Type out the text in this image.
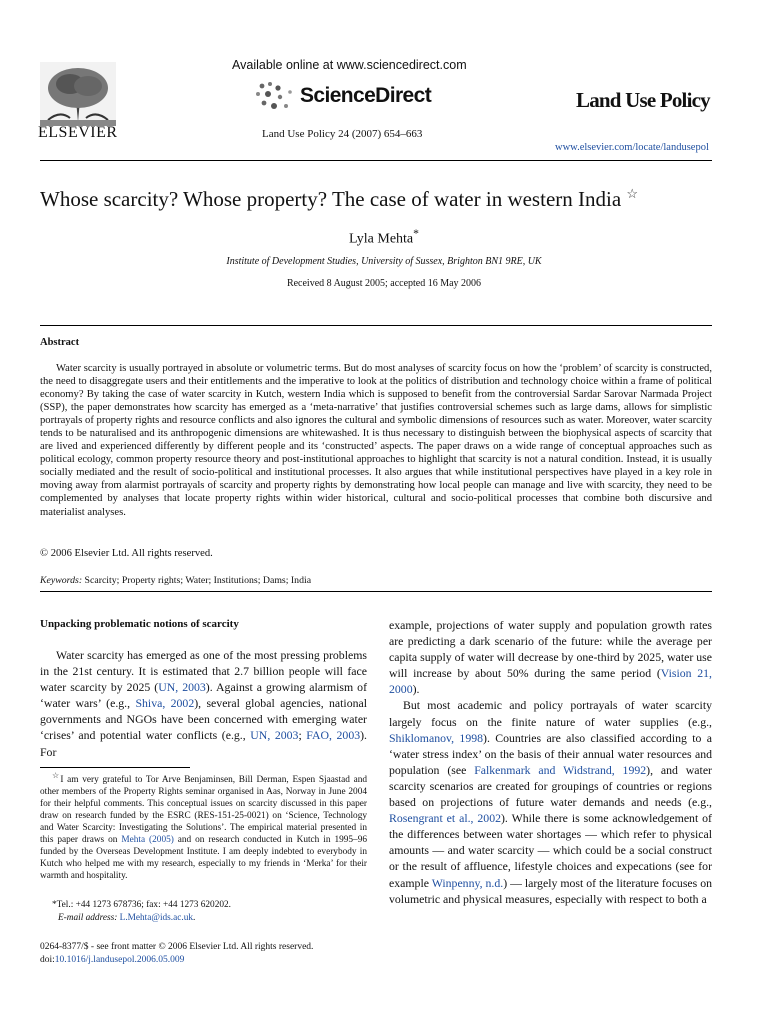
ELSEVIER
Available online at www.sciencedirect.com
ScienceDirect
Land Use Policy 24 (2007) 654–663
Land Use Policy
www.elsevier.com/locate/landusepol
Whose scarcity? Whose property? The case of water in western India ☆
Lyla Mehta*
Institute of Development Studies, University of Sussex, Brighton BN1 9RE, UK
Received 8 August 2005; accepted 16 May 2006
Abstract
Water scarcity is usually portrayed in absolute or volumetric terms. But do most analyses of scarcity focus on how the ‘problem’ of scarcity is constructed, the need to disaggregate users and their entitlements and the imperative to look at the politics of distribution and technology choice within a frame of political economy? By taking the case of water scarcity in Kutch, western India which is supposed to benefit from the controversial Sardar Sarovar Narmada Project (SSP), the paper demonstrates how scarcity has emerged as a ‘meta-narrative’ that justifies controversial schemes such as large dams, allows for simplistic portrayals of property rights and resource conflicts and also ignores the cultural and symbolic dimensions of resources such as water. Moreover, water scarcity tends to be naturalised and its anthropogenic dimensions are whitewashed. It is thus necessary to distinguish between the biophysical aspects of scarcity that are lived and experienced differently by different people and its ‘constructed’ aspects. The paper draws on a wide range of conceptual approaches such as political ecology, common property resource theory and post-institutional approaches to highlight that scarcity is not a natural condition. Instead, it is usually socially mediated and the result of socio-political and institutional processes. It also argues that while institutional perspectives have played in a key role in moving away from alarmist portrayals of scarcity and property rights by demonstrating how local people can manage and live with scarcity, they need to be complemented by analyses that locate property rights within wider historical, cultural and socio-political processes that combine both discursive and materialist analyses.
© 2006 Elsevier Ltd. All rights reserved.
Keywords: Scarcity; Property rights; Water; Institutions; Dams; India
Unpacking problematic notions of scarcity
Water scarcity has emerged as one of the most pressing problems in the 21st century. It is estimated that 2.7 billion people will face water scarcity by 2025 (UN, 2003). Against a growing alarmism of ‘water wars’ (e.g., Shiva, 2002), several global agencies, national governments and NGOs have been concerned with emerging water ‘crises’ and potential water conflicts (e.g., UN, 2003; FAO, 2003). For
☆I am very grateful to Tor Arve Benjaminsen, Bill Derman, Espen Sjaastad and other members of the Property Rights seminar organised in Aas, Norway in June 2004 for their helpful comments. This conceptual issues on scarcity discussed in this paper draw on research funded by the ESRC (RES-151-25-0021) on ‘Science, Technology and Water Scarcity: Investigating the Solutions’. The empirical material presented in this paper draws on Mehta (2005) and on research conducted in Kutch in 1995–96 funded by the Overseas Development Institute. I am deeply indebted to everybody in Kutch who helped me with my research, especially to my friends in ‘Merka’ for their warmth and hospitality.
*Tel.: +44 1273 678736; fax: +44 1273 620202.
E-mail address: L.Mehta@ids.ac.uk.
0264-8377/$ - see front matter © 2006 Elsevier Ltd. All rights reserved.
doi:10.1016/j.landusepol.2006.05.009
example, projections of water supply and population growth rates are predicting a dark scenario of the future: while the average per capita supply of water will decrease by one-third by 2025, water use will increase by about 50% during the same period (Vision 21, 2000).
But most academic and policy portrayals of water scarcity largely focus on the finite nature of water supplies (e.g., Shiklomanov, 1998). Countries are also classified according to a ‘water stress index’ on the basis of their annual water resources and population (see Falkenmark and Widstrand, 1992), and water scarcity scenarios are created for groupings of countries or regions based on projections of future water demands and needs (e.g., Rosengrant et al., 2002). While there is some acknowledgement of the differences between water shortages — which refer to physical amounts — and water scarcity — which could be a social construct or the result of affluence, lifestyle choices and expecations (see for example Winpenny, n.d.) — largely most of the literature focuses on volumetric and physical measures, especially with respect to both a
